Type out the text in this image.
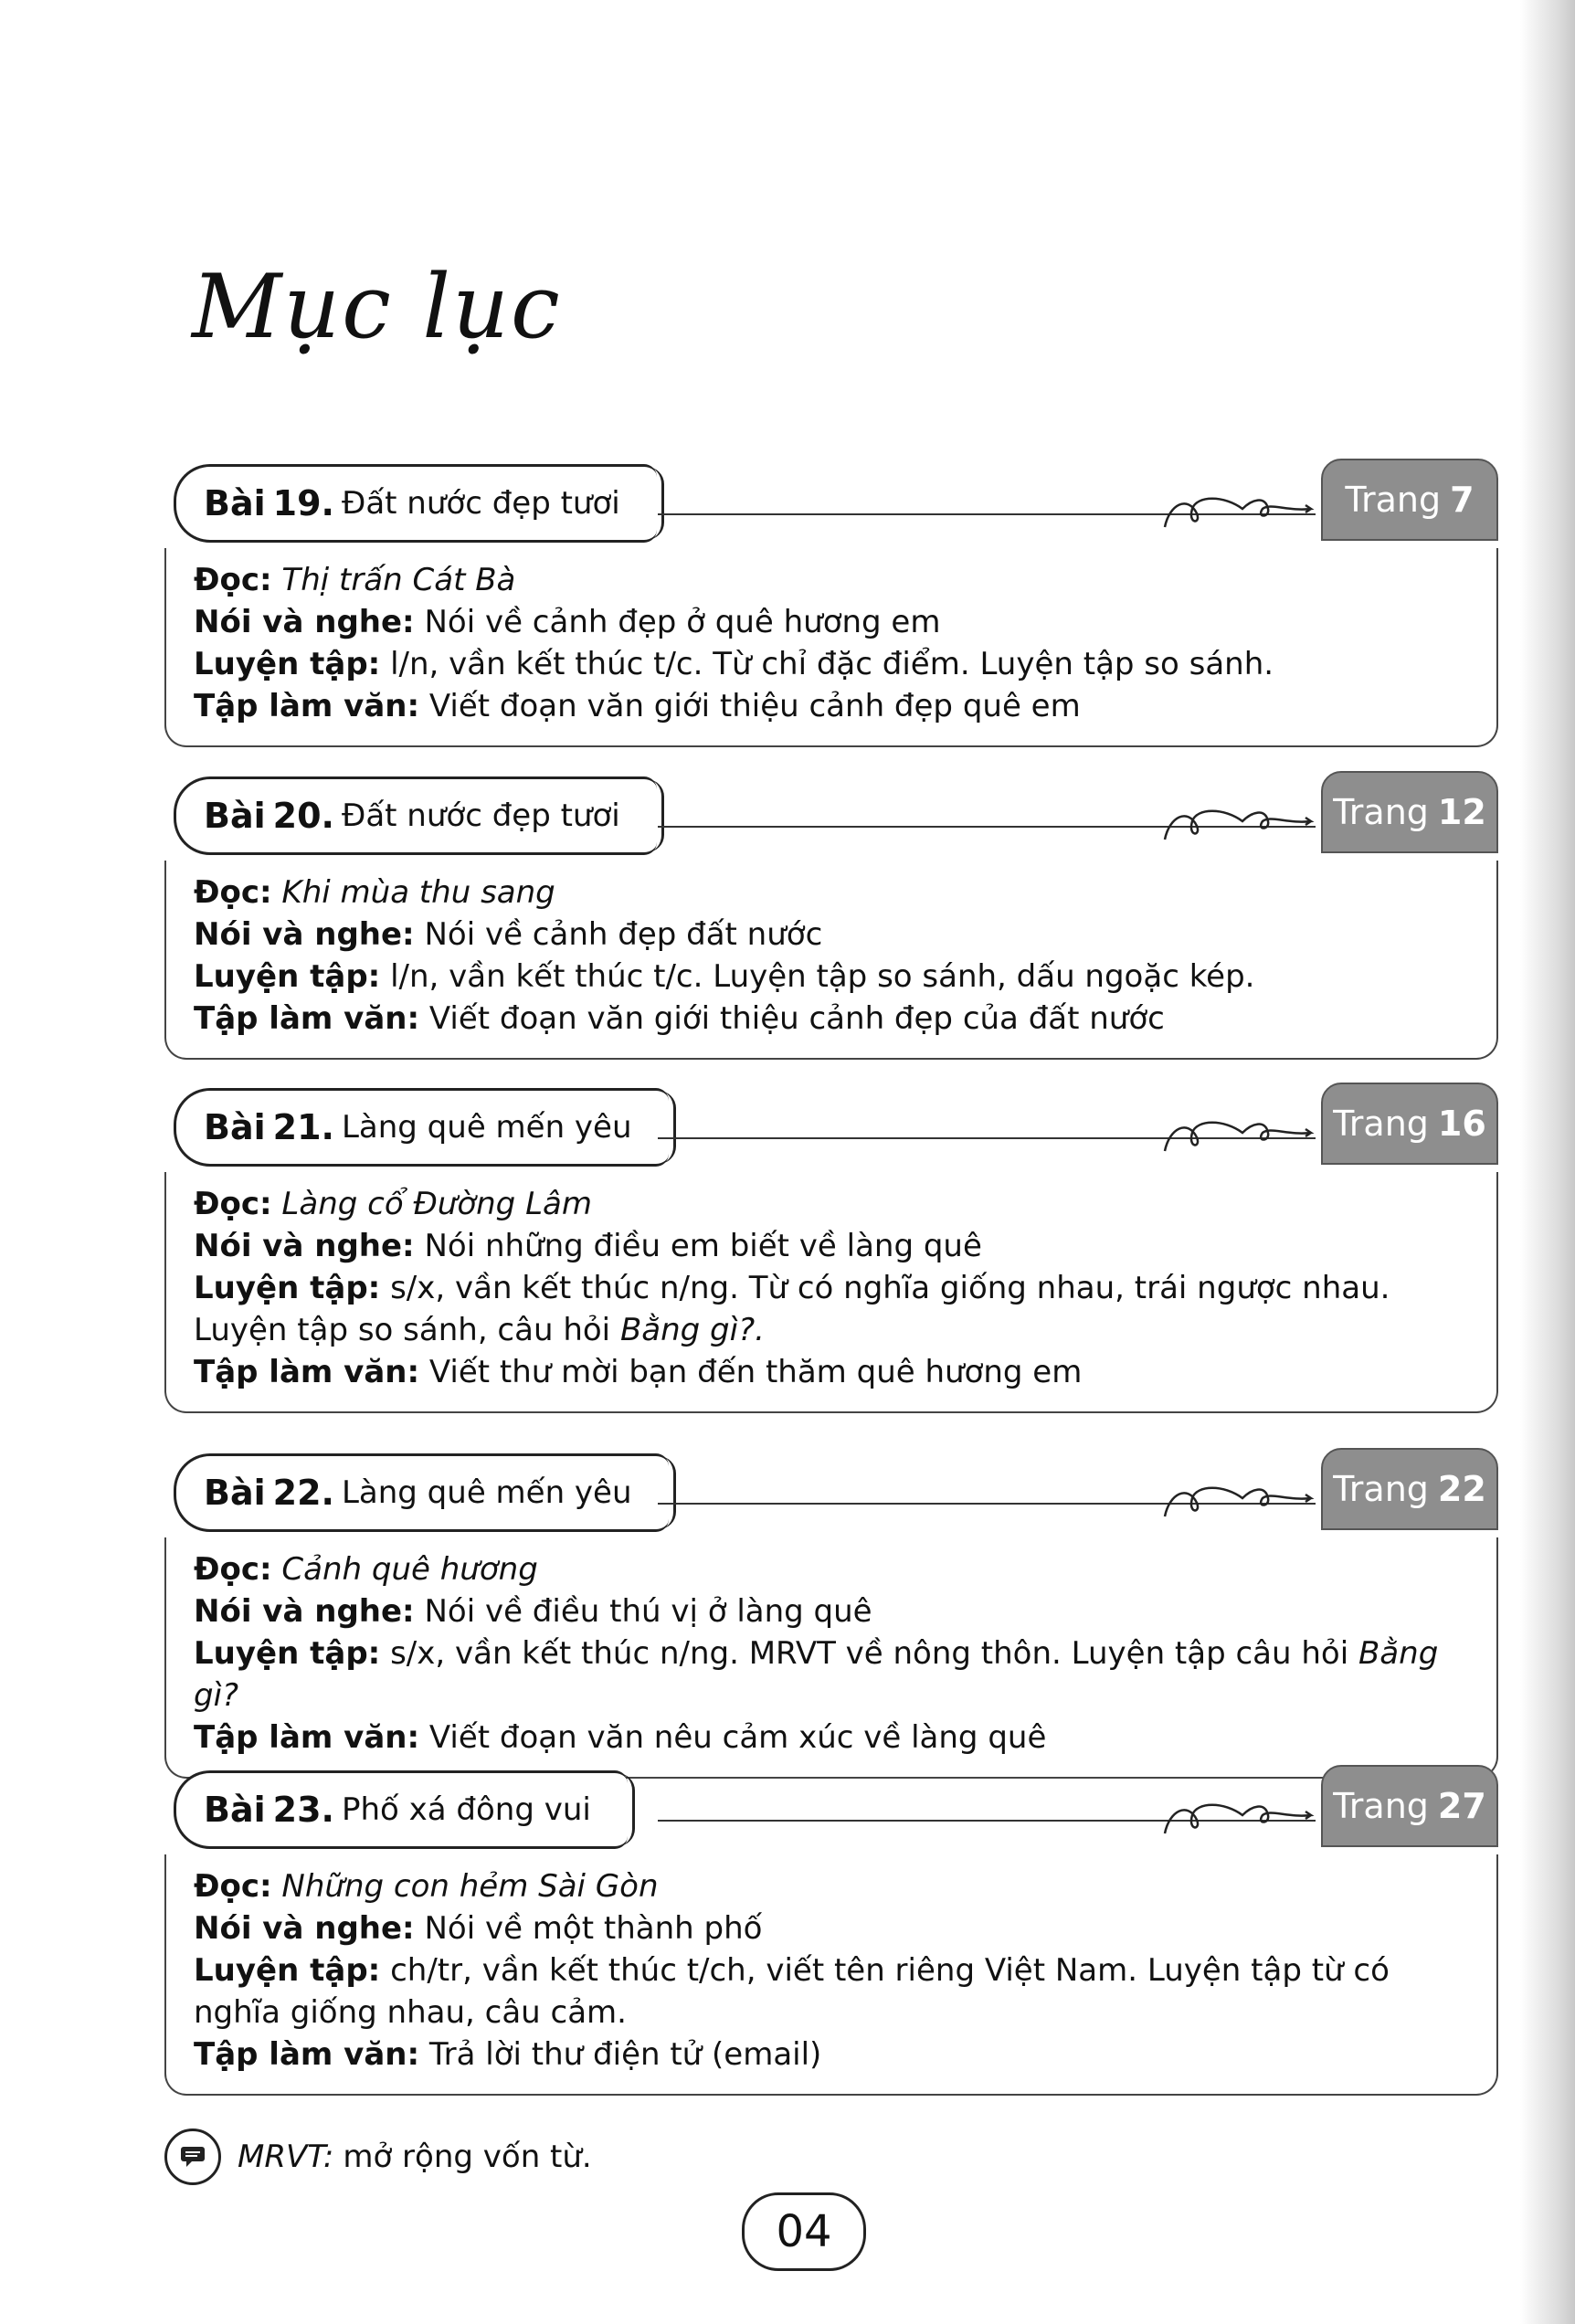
Mục lục
Bài 19. Đất nước đẹp tươi	Trang 7
Đọc: Thị trấn Cát Bà
Nói và nghe: Nói về cảnh đẹp ở quê hương em
Luyện tập: l/n, vần kết thúc t/c. Từ chỉ đặc điểm. Luyện tập so sánh.
Tập làm văn: Viết đoạn văn giới thiệu cảnh đẹp quê em
Bài 20. Đất nước đẹp tươi	Trang 12
Đọc: Khi mùa thu sang
Nói và nghe: Nói về cảnh đẹp đất nước
Luyện tập: l/n, vần kết thúc t/c. Luyện tập so sánh, dấu ngoặc kép.
Tập làm văn: Viết đoạn văn giới thiệu cảnh đẹp của đất nước
Bài 21. Làng quê mến yêu	Trang 16
Đọc: Làng cổ Đường Lâm
Nói và nghe: Nói những điều em biết về làng quê
Luyện tập: s/x, vần kết thúc n/ng. Từ có nghĩa giống nhau, trái ngược nhau. Luyện tập so sánh, câu hỏi Bằng gì?.
Tập làm văn: Viết thư mời bạn đến thăm quê hương em
Bài 22. Làng quê mến yêu	Trang 22
Đọc: Cảnh quê hương
Nói và nghe: Nói về điều thú vị ở làng quê
Luyện tập: s/x, vần kết thúc n/ng. MRVT về nông thôn. Luyện tập câu hỏi Bằng gì?
Tập làm văn: Viết đoạn văn nêu cảm xúc về làng quê
Bài 23. Phố xá đông vui	Trang 27
Đọc: Những con hẻm Sài Gòn
Nói và nghe: Nói về một thành phố
Luyện tập: ch/tr, vần kết thúc t/ch, viết tên riêng Việt Nam. Luyện tập từ có nghĩa giống nhau, câu cảm.
Tập làm văn: Trả lời thư điện tử (email)
MRVT: mở rộng vốn từ.
04
